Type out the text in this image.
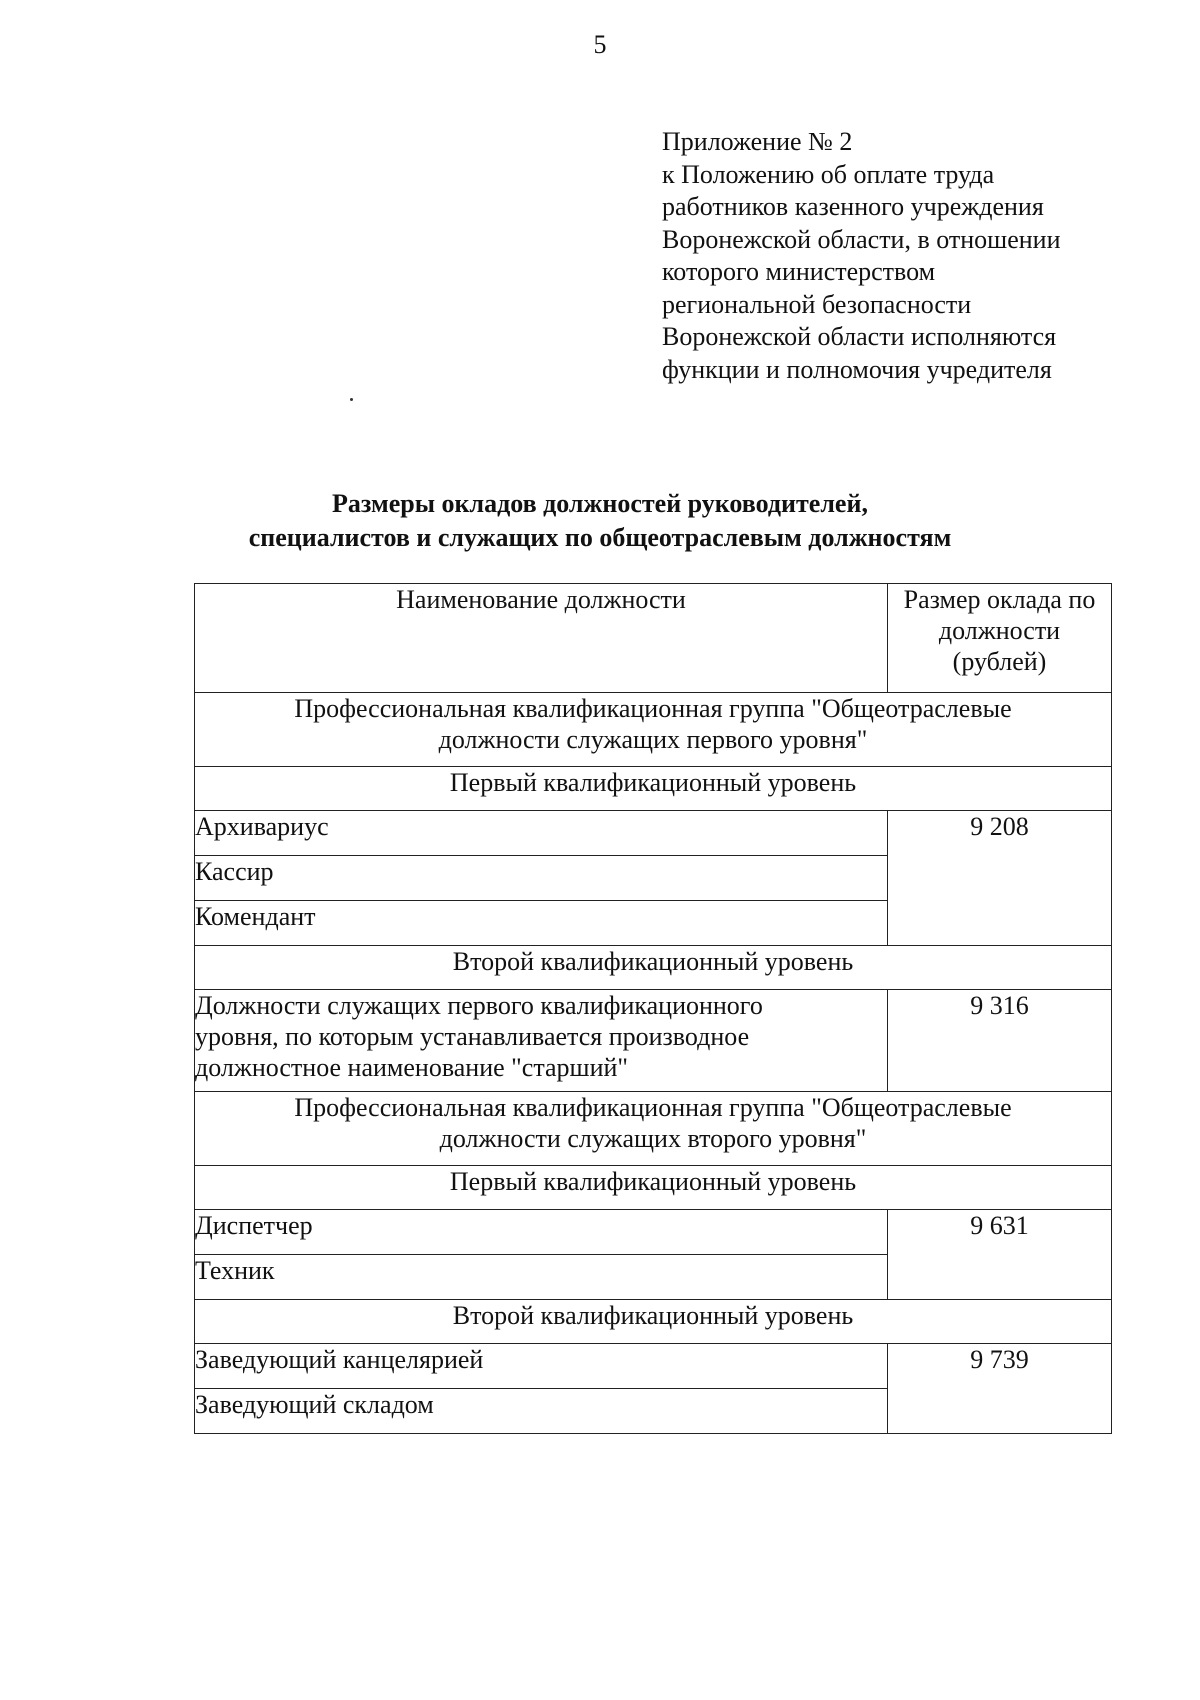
5
Приложение № 2
к Положению об оплате труда
работников казенного учреждения
Воронежской области, в отношении
которого министерством
региональной безопасности
Воронежской области исполняются
функции и полномочия учредителя
Размеры окладов должностей руководителей,
специалистов и служащих по общеотраслевым должностям
Наименование должности	Размер оклада по
должности
(рублей)

Профессиональная квалификационная группа "Общеотраслевые
должности служащих первого уровня"	

Первый квалификационный уровень	
Архивариус	9 208
Кассир	
Комендант	
Второй квалификационный уровень	

Должности служащих первого квалификационного
уровня, по которым устанавливается производное
должностное наименование "старший"	9 316

Профессиональная квалификационная группа "Общеотраслевые
должности служащих второго уровня"	

Первый квалификационный уровень	
Диспетчер	9 631
Техник	
Второй квалификационный уровень	
Заведующий канцелярией	9 739
Заведующий складом	
